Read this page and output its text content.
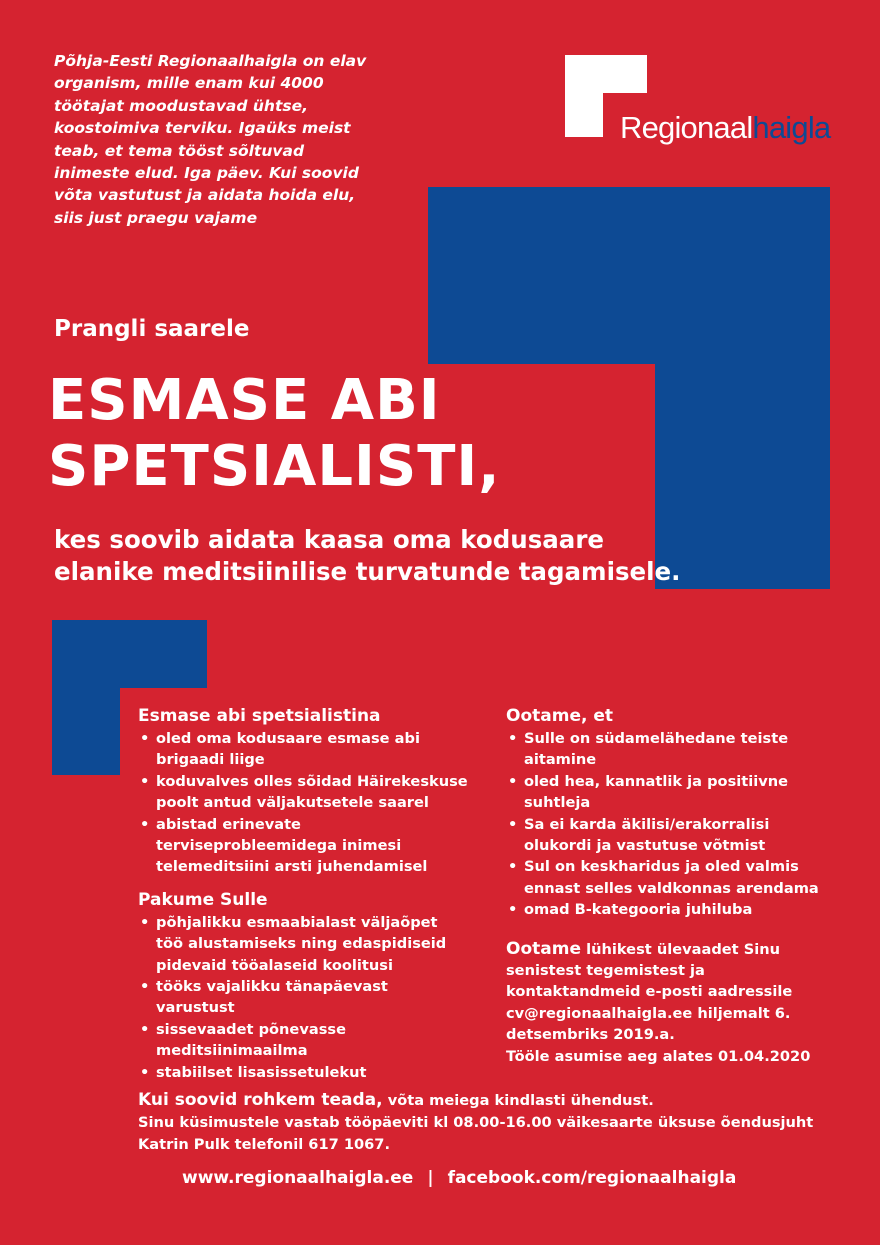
Regionaalhaigla
Põhja-Eesti Regionaalhaigla on elav organism, mille enam kui 4000 töötajat moodustavad ühtse, koostoimiva terviku. Igaüks meist teab, et tema tööst sõltuvad inimeste elud. Iga päev. Kui soovid võta vastutust ja aidata hoida elu, siis just praegu vajame
Prangli saarele
ESMASE ABI
SPETSIALISTI,
kes soovib aidata kaasa oma kodusaare
elanike meditsiinilise turvatunde tagamisele.
Esmase abi spetsialistina
• oled oma kodusaare esmase abi brigaadi liige
• koduvalves olles sõidad Häirekeskuse poolt antud väljakutsetele saarel
• abistad erinevate terviseprobleemidega inimesi telemeditsiini arsti juhendamisel
Pakume Sulle
• põhjalikku esmaabialast väljaõpet töö alustamiseks ning edaspidiseid pidevaid tööalaseid koolitusi
• tööks vajalikku tänapäevast varustust
• sissevaadet põnevasse meditsiinimaailma
• stabiilset lisasissetulekut
Ootame, et
• Sulle on südamelähedane teiste aitamine
• oled hea, kannatlik ja positiivne suhtleja
• Sa ei karda äkilisi/erakorralisi olukordi ja vastutuse võtmist
• Sul on keskharidus ja oled valmis ennast selles valdkonnas arendama
• omad B-kategooria juhiluba
Ootame lühikest ülevaadet Sinu senistest tegemistest ja kontaktandmeid e-posti aadressile cv@regionaalhaigla.ee hiljemalt 6. detsembriks 2019.a.
Tööle asumise aeg alates 01.04.2020
Kui soovid rohkem teada, võta meiega kindlasti ühendust.
Sinu küsimustele vastab tööpäeviti kl 08.00-16.00 väikesaarte üksuse õendusjuht
Katrin Pulk telefonil 617 1067.
www.regionaalhaigla.ee | facebook.com/regionaalhaigla
